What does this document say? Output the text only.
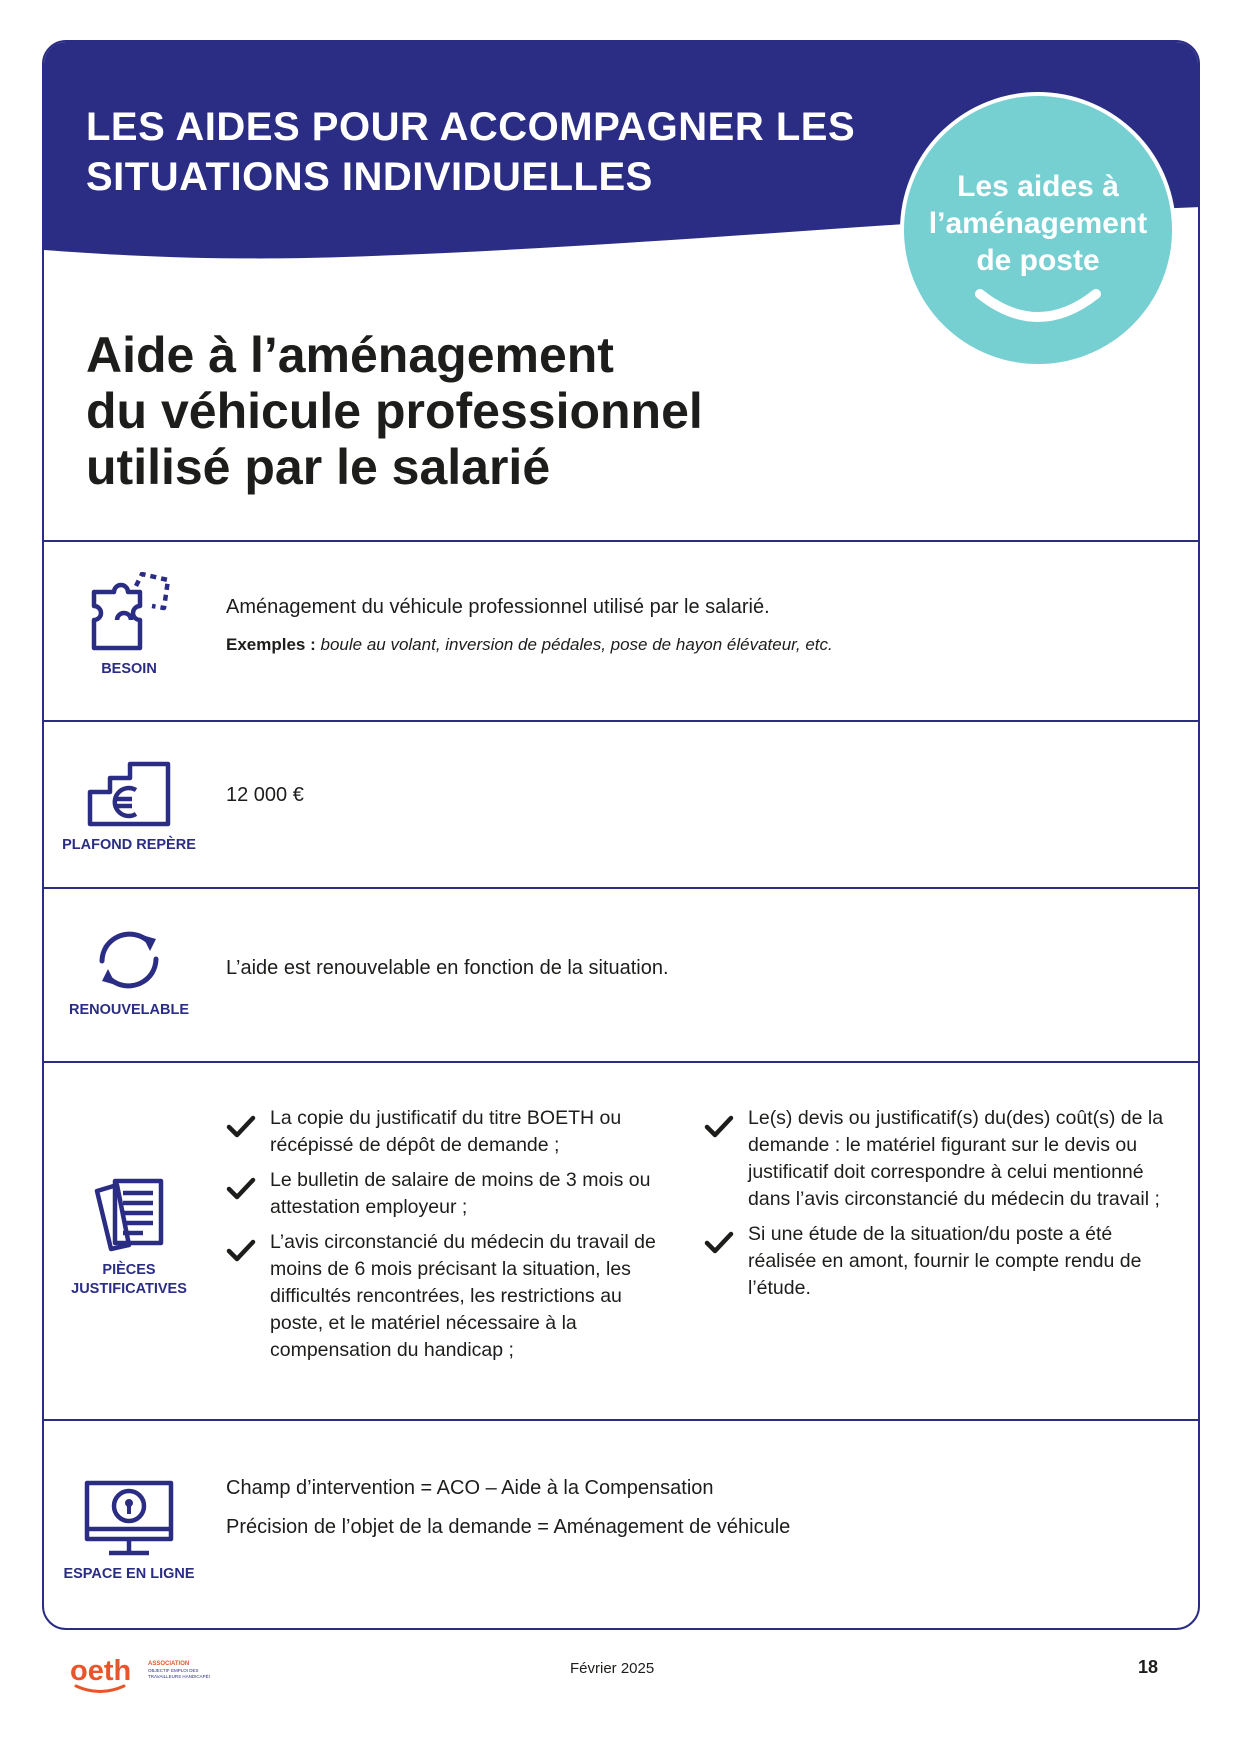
LES AIDES POUR ACCOMPAGNER LES
SITUATIONS INDIVIDUELLES	Les aides à
l’aménagement
de poste
Aide à l’aménagement
du véhicule professionnel
utilisé par le salarié
BESOIN

Aménagement du véhicule professionnel utilisé par le salarié.

Exemples : boule au volant, inversion de pédales, pose de hayon élévateur, etc.

PLAFOND REPÈRE

12 000 €

RENOUVELABLE

L’aide est renouvelable en fonction de la situation.

PIÈCES
JUSTIFICATIVES
La copie du justificatif du titre BOETH ou récépissé de dépôt de demande ;
Le bulletin de salaire de moins de 3 mois ou attestation employeur ;
L’avis circonstancié du médecin du travail de moins de 6 mois précisant la situation, les difficultés rencontrées, les restrictions au poste, et le matériel nécessaire à la compensation du handicap ;
Le(s) devis ou justificatif(s) du(des) coût(s) de la demande : le matériel figurant sur le devis ou justificatif doit correspondre à celui mentionné dans l’avis circonstancié du médecin du travail ;
Si une étude de la situation/du poste a été réalisée en amont, fournir le compte rendu de l’étude.
ESPACE EN LIGNE

Champ d’intervention = ACO – Aide à la Compensation

Précision de l’objet de la demande = Aménagement de véhicule

oeth	ASSOCIATION
OBJECTIF EMPLOI DES
TRAVAILLEURS HANDICAPÉS	Février 2025	18
